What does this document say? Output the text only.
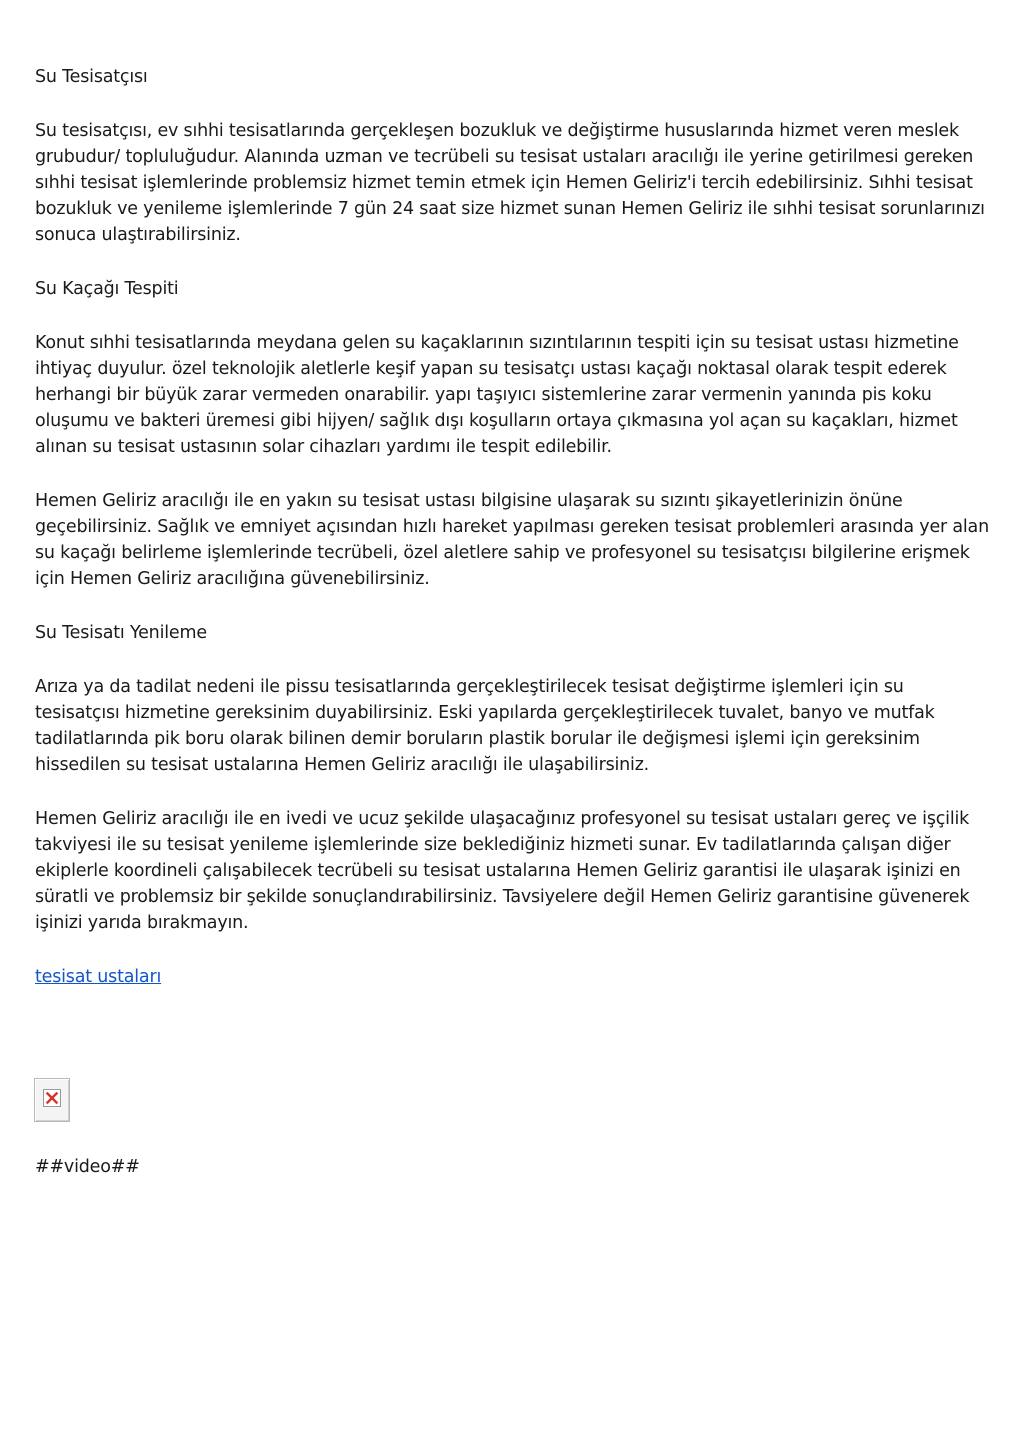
Su Tesisatçısı

Su tesisatçısı, ev sıhhi tesisatlarında gerçekleşen bozukluk ve değiştirme hususlarında hizmet veren meslek grubudur/ topluluğudur. Alanında uzman ve tecrübeli su tesisat ustaları aracılığı ile yerine getirilmesi gereken sıhhi tesisat işlemlerinde problemsiz hizmet temin etmek için Hemen Geliriz'i tercih edebilirsiniz. Sıhhi tesisat bozukluk ve yenileme işlemlerinde 7 gün 24 saat size hizmet sunan Hemen Geliriz ile sıhhi tesisat sorunlarınızı sonuca ulaştırabilirsiniz.

Su Kaçağı Tespiti

Konut sıhhi tesisatlarında meydana gelen su kaçaklarının sızıntılarının tespiti için su tesisat ustası hizmetine ihtiyaç duyulur. özel teknolojik aletlerle keşif yapan su tesisatçı ustası kaçağı noktasal olarak tespit ederek herhangi bir büyük zarar vermeden onarabilir. yapı taşıyıcı sistemlerine zarar vermenin yanında pis koku oluşumu ve bakteri üremesi gibi hijyen/ sağlık dışı koşulların ortaya çıkmasına yol açan su kaçakları, hizmet alınan su tesisat ustasının solar cihazları yardımı ile tespit edilebilir.

Hemen Geliriz aracılığı ile en yakın su tesisat ustası bilgisine ulaşarak su sızıntı şikayetlerinizin önüne geçebilirsiniz. Sağlık ve emniyet açısından hızlı hareket yapılması gereken tesisat problemleri arasında yer alan su kaçağı belirleme işlemlerinde tecrübeli, özel aletlere sahip ve profesyonel su tesisatçısı bilgilerine erişmek için Hemen Geliriz aracılığına güvenebilirsiniz.

Su Tesisatı Yenileme

Arıza ya da tadilat nedeni ile pissu tesisatlarında gerçekleştirilecek tesisat değiştirme işlemleri için su tesisatçısı hizmetine gereksinim duyabilirsiniz. Eski yapılarda gerçekleştirilecek tuvalet, banyo ve mutfak tadilatlarında pik boru olarak bilinen demir boruların plastik borular ile değişmesi işlemi için gereksinim hissedilen su tesisat ustalarına Hemen Geliriz aracılığı ile ulaşabilirsiniz.

Hemen Geliriz aracılığı ile en ivedi ve ucuz şekilde ulaşacağınız profesyonel su tesisat ustaları gereç ve işçilik takviyesi ile su tesisat yenileme işlemlerinde size beklediğiniz hizmeti sunar. Ev tadilatlarında çalışan diğer ekiplerle koordineli çalışabilecek tecrübeli su tesisat ustalarına Hemen Geliriz garantisi ile ulaşarak işinizi en süratli ve problemsiz bir şekilde sonuçlandırabilirsiniz. Tavsiyelere değil Hemen Geliriz garantisine güvenerek işinizi yarıda bırakmayın.

tesisat ustaları

##video##
